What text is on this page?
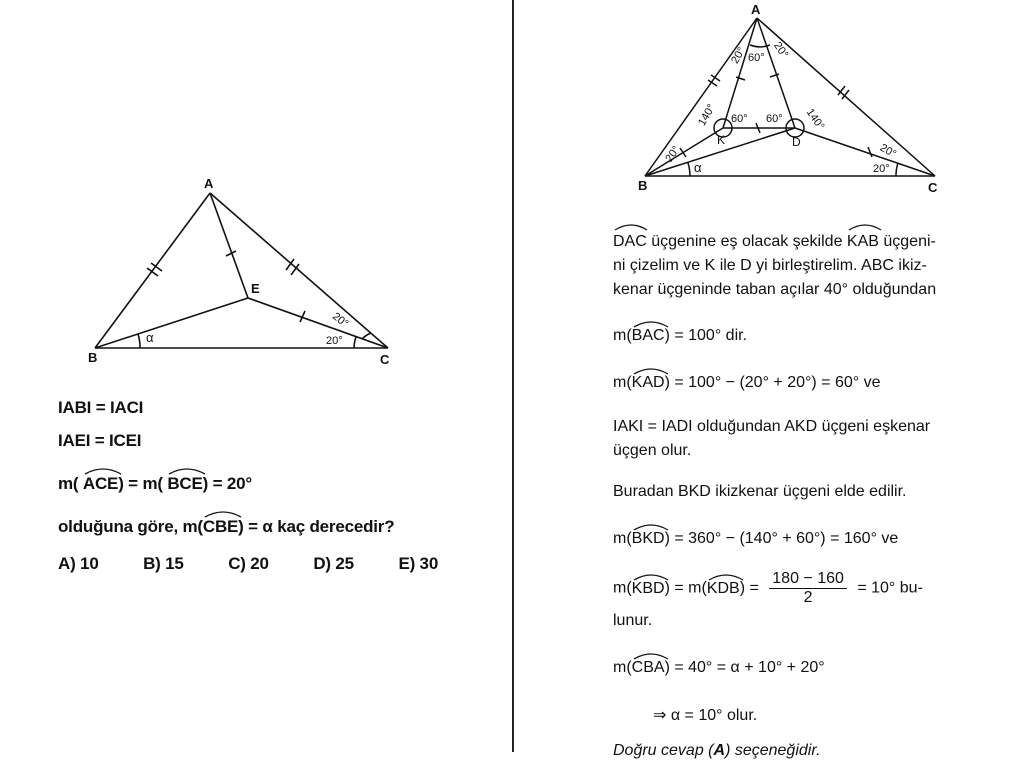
A
B	C
E
α
20°
20°
IABI = IACI
IAEI = ICEI
m(
ACE) = m( BCE) = 20°
olduğuna göre, m(
CBE) = α kaç derecedir?
A) 10	B) 15	C) 20	D) 25	E) 30
A
B	C
K	D
20° 60° 20°
140° 60° 60° 140°
20°
α
20°
20°
DAC üçgenine eş olacak şekilde
KAB üçgeni-
ni çizelim ve K ile D yi birleştirelim. ABC ikiz-
kenar üçgeninde taban açılar 40° olduğundan
m(
BAC) = 100° dir.
m(
KAD) = 100° − (20° + 20°) = 60° ve
IAKI = IADI olduğundan AKD üçgeni eşkenar
üçgen olur.
Buradan BKD ikizkenar üçgeni elde edilir.
m(
BKD) = 360° − (140° + 60°) = 160° ve
m(
KBD) = m(
$KDB) = \frac{180 - 160}{2} = 10^\circ$ bu-
lunur.
m(
CBA) = 40° = α + 10° + 20°
⇒ α = 10° olur.
Doğru cevap (A) seçeneğidir.
